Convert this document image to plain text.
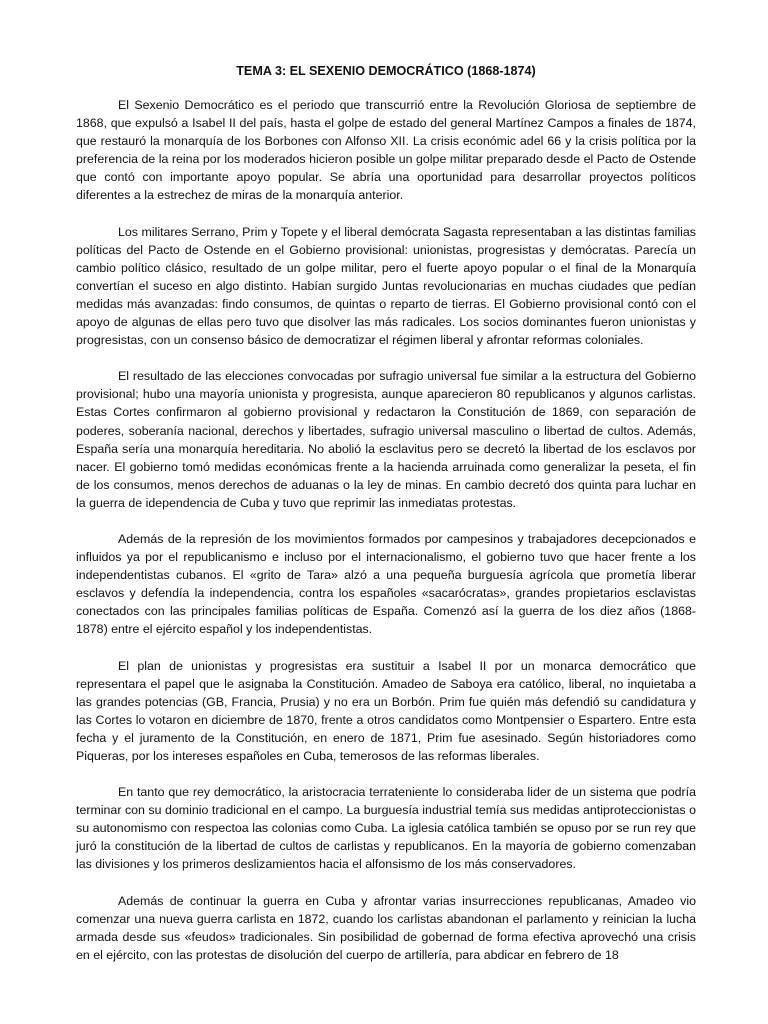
TEMA 3: EL SEXENIO DEMOCRÁTICO (1868-1874)

El Sexenio Democrático es el periodo que transcurrió entre la Revolución Gloriosa de septiembre de 1868, que expulsó a Isabel II del país, hasta el golpe de estado del general Martínez Campos a finales de 1874, que restauró la monarquía de los Borbones con Alfonso XII. La crisis económic adel 66 y la crisis política por la preferencia de la reina por los moderados hicieron posible un golpe militar preparado desde el Pacto de Ostende que contó con importante apoyo popular. Se abría una oportunidad para desarrollar proyectos políticos diferentes a la estrechez de miras de la monarquía anterior.

Los militares Serrano, Prim y Topete y el liberal demócrata Sagasta representaban a las distintas familias políticas del Pacto de Ostende en el Gobierno provisional: unionistas, progresistas y demócratas. Parecía un cambio político clásico, resultado de un golpe militar, pero el fuerte apoyo popular o el final de la Monarquía convertían el suceso en algo distinto. Habían surgido Juntas revolucionarias en muchas ciudades que pedían medidas más avanzadas: findo consumos, de quintas o reparto de tierras. El Gobierno provisional contó con el apoyo de algunas de ellas pero tuvo que disolver las más radicales. Los socios dominantes fueron unionistas y progresistas, con un consenso básico de democratizar el régimen liberal y afrontar reformas coloniales.

El resultado de las elecciones convocadas por sufragio universal fue similar a la estructura del Gobierno provisional; hubo una mayoría unionista y progresista, aunque aparecieron 80 republicanos y algunos carlistas. Estas Cortes confirmaron al gobierno provisional y redactaron la Constitución de 1869, con separación de poderes, soberanía nacional, derechos y libertades, sufragio universal masculino o libertad de cultos. Además, España sería una monarquía hereditaria. No abolió la esclavitus pero se decretó la libertad de los esclavos por nacer. El gobierno tomó medidas económicas frente a la hacienda arruinada como generalizar la peseta, el fin de los consumos, menos derechos de aduanas o la ley de minas. En cambio decretó dos quinta para luchar en la guerra de idependencia de Cuba y tuvo que reprimir las inmediatas protestas.

Además de la represión de los movimientos formados por campesinos y trabajadores decepcionados e influidos ya por el republicanismo e incluso por el internacionalismo, el gobierno tuvo que hacer frente a los independentistas cubanos. El «grito de Tara» alzó a una pequeña burguesía agrícola que prometía liberar esclavos y defendía la independencia, contra los españoles «sacarócratas», grandes propietarios esclavistas conectados con las principales familias políticas de España. Comenzó así la guerra de los diez años (1868-1878) entre el ejército español y los independentistas.

El plan de unionistas y progresistas era sustituir a Isabel II por un monarca democrático que representara el papel que le asignaba la Constitución. Amadeo de Saboya era católico, liberal, no inquietaba a las grandes potencias (GB, Francia, Prusia) y no era un Borbón. Prim fue quién más defendió su candidatura y las Cortes lo votaron en diciembre de 1870, frente a otros candidatos como Montpensier o Espartero. Entre esta fecha y el juramento de la Constitución, en enero de 1871, Prim fue asesinado. Según historiadores como Piqueras, por los intereses españoles en Cuba, temerosos de las reformas liberales.

En tanto que rey democrático, la aristocracia terrateniente lo consideraba lider de un sistema que podría terminar con su dominio tradicional en el campo. La burguesía industrial temía sus medidas antiproteccionistas o su autonomismo con respectoa las colonias como Cuba. La iglesia católica también se opuso por se run rey que juró la constitución de la libertad de cultos de carlistas y republicanos. En la mayoría de gobierno comenzaban las divisiones y los primeros deslizamientos hacia el alfonsismo de los más conservadores.

Además de continuar la guerra en Cuba y afrontar varias insurrecciones republicanas, Amadeo vio comenzar una nueva guerra carlista en 1872, cuando los carlistas abandonan el parlamento y reinician la lucha armada desde sus «feudos» tradicionales. Sin posibilidad de gobernad de forma efectiva aprovechó una crisis en el ejército, con las protestas de disolución del cuerpo de artillería, para abdicar en febrero de 18
